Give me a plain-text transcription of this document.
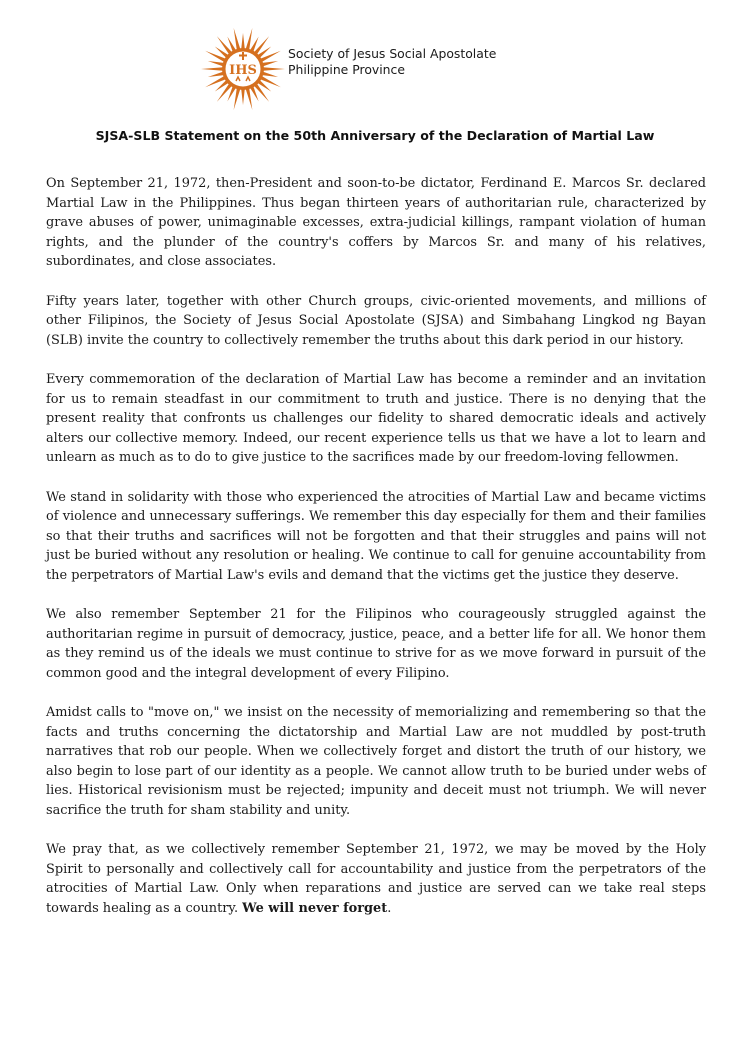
IHS
Society of Jesus Social Apostolate
Philippine Province
SJSA-SLB Statement on the 50th Anniversary of the Declaration of Martial Law

On September 21, 1972, then-President and soon-to-be dictator, Ferdinand E. Marcos Sr. declared Martial Law in the Philippines. Thus began thirteen years of authoritarian rule, characterized by grave abuses of power, unimaginable excesses, extra-judicial killings, rampant violation of human rights, and the plunder of the country's coffers by Marcos Sr. and many of his relatives, subordinates, and close associates.

Fifty years later, together with other Church groups, civic-oriented movements, and millions of other Filipinos, the Society of Jesus Social Apostolate (SJSA) and Simbahang Lingkod ng Bayan (SLB) invite the country to collectively remember the truths about this dark period in our history.

Every commemoration of the declaration of Martial Law has become a reminder and an invitation for us to remain steadfast in our commitment to truth and justice. There is no denying that the present reality that confronts us challenges our fidelity to shared democratic ideals and actively alters our collective memory. Indeed, our recent experience tells us that we have a lot to learn and unlearn as much as to do to give justice to the sacrifices made by our freedom-loving fellowmen.

We stand in solidarity with those who experienced the atrocities of Martial Law and became victims of violence and unnecessary sufferings. We remember this day especially for them and their families so that their truths and sacrifices will not be forgotten and that their struggles and pains will not just be buried without any resolution or healing. We continue to call for genuine accountability from the perpetrators of Martial Law's evils and demand that the victims get the justice they deserve.

We also remember September 21 for the Filipinos who courageously struggled against the authoritarian regime in pursuit of democracy, justice, peace, and a better life for all. We honor them as they remind us of the ideals we must continue to strive for as we move forward in pursuit of the common good and the integral development of every Filipino.

Amidst calls to "move on," we insist on the necessity of memorializing and remembering so that the facts and truths concerning the dictatorship and Martial Law are not muddled by post-truth narratives that rob our people. When we collectively forget and distort the truth of our history, we also begin to lose part of our identity as a people. We cannot allow truth to be buried under webs of lies. Historical revisionism must be rejected; impunity and deceit must not triumph. We will never sacrifice the truth for sham stability and unity.

We pray that, as we collectively remember September 21, 1972, we may be moved by the Holy Spirit to personally and collectively call for accountability and justice from the perpetrators of the atrocities of Martial Law. Only when reparations and justice are served can we take real steps towards healing as a country. We will never forget.
